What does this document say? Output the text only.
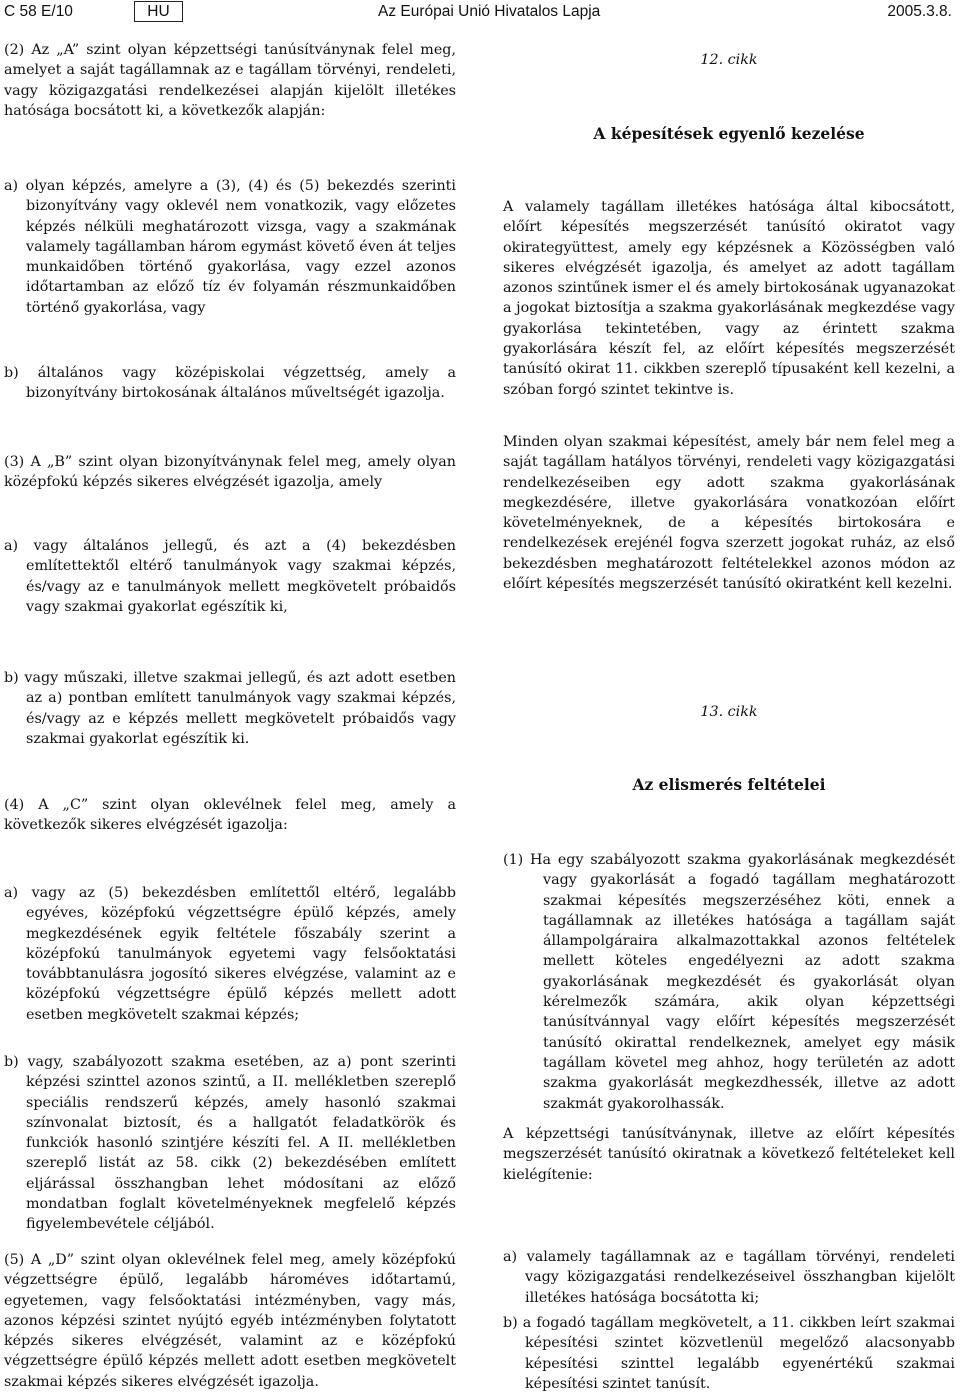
C 58 E/10	HU	Az Európai Unió Hivatalos Lapja	2005.3.8.
(2) Az „A” szint olyan képzettségi tanúsítványnak felel meg, amelyet a saját tagállamnak az e tagállam törvényi, rendeleti, vagy közigazgatási rendelkezései alapján kijelölt illetékes hatósága bocsátott ki, a következők alapján:
a) olyan képzés, amelyre a (3), (4) és (5) bekezdés szerinti bizonyítvány vagy oklevél nem vonatkozik, vagy előzetes képzés nélküli meghatározott vizsga, vagy a szakmának valamely tagállamban három egymást követő éven át teljes munkaidőben történő gyakorlása, vagy ezzel azonos időtartamban az előző tíz év folyamán részmunkaidőben történő gyakorlása, vagy
b) általános vagy középiskolai végzettség, amely a bizonyítvány birtokosának általános műveltségét igazolja.
(3) A „B” szint olyan bizonyítványnak felel meg, amely olyan középfokú képzés sikeres elvégzését igazolja, amely
a) vagy általános jellegű, és azt a (4) bekezdésben említettektől eltérő tanulmányok vagy szakmai képzés, és/vagy az e tanulmányok mellett megkövetelt próbaidős vagy szakmai gyakorlat egészítik ki,
b) vagy műszaki, illetve szakmai jellegű, és azt adott esetben az a) pontban említett tanulmányok vagy szakmai képzés, és/vagy az e képzés mellett megkövetelt próbaidős vagy szakmai gyakorlat egészítik ki.
(4) A „C” szint olyan oklevélnek felel meg, amely a következők sikeres elvégzését igazolja:
a) vagy az (5) bekezdésben említettől eltérő, legalább egyéves, középfokú végzettségre épülő képzés, amely megkezdésének egyik feltétele főszabály szerint a középfokú tanulmányok egyetemi vagy felsőoktatási továbbtanulásra jogosító sikeres elvégzése, valamint az e középfokú végzettségre épülő képzés mellett adott esetben megkövetelt szakmai képzés;
b) vagy, szabályozott szakma esetében, az a) pont szerinti képzési szinttel azonos szintű, a II. mellékletben szereplő speciális rendszerű képzés, amely hasonló szakmai színvonalat biztosít, és a hallgatót feladatkörök és funkciók hasonló szintjére készíti fel. A II. mellékletben szereplő listát az 58. cikk (2) bekezdésében említett eljárással összhangban lehet módosítani az előző mondatban foglalt követelményeknek megfelelő képzés figyelembevétele céljából.
(5) A „D” szint olyan oklevélnek felel meg, amely középfokú végzettségre épülő, legalább hároméves időtartamú, egyetemen, vagy felsőoktatási intézményben, vagy más, azonos képzési szintet nyújtó egyéb intézményben folytatott képzés sikeres elvégzését, valamint az e középfokú végzettségre épülő képzés mellett adott esetben megkövetelt szakmai képzés sikeres elvégzését igazolja.
12. cikk
A képesítések egyenlő kezelése
A valamely tagállam illetékes hatósága által kibocsátott, előírt képesítés megszerzését tanúsító okiratot vagy okirategyüttest, amely egy képzésnek a Közösségben való sikeres elvégzését igazolja, és amelyet az adott tagállam azonos szintűnek ismer el és amely birtokosának ugyanazokat a jogokat biztosítja a szakma gyakorlásának megkezdése vagy gyakorlása tekintetében, vagy az érintett szakma gyakorlására készít fel, az előírt képesítés megszerzését tanúsító okirat 11. cikkben szereplő típusaként kell kezelni, a szóban forgó szintet tekintve is.
Minden olyan szakmai képesítést, amely bár nem felel meg a saját tagállam hatályos törvényi, rendeleti vagy közigazgatási rendelkezéseiben egy adott szakma gyakorlásának megkezdésére, illetve gyakorlására vonatkozóan előírt követelményeknek, de a képesítés birtokosára e rendelkezések erejénél fogva szerzett jogokat ruház, az első bekezdésben meghatározott feltételekkel azonos módon az előírt képesítés megszerzését tanúsító okiratként kell kezelni.
13. cikk
Az elismerés feltételei
(1) Ha egy szabályozott szakma gyakorlásának megkezdését vagy gyakorlását a fogadó tagállam meghatározott szakmai képesítés megszerzéséhez köti, ennek a tagállamnak az illetékes hatósága a tagállam saját állampolgáraira alkalmazottakkal azonos feltételek mellett köteles engedélyezni az adott szakma gyakorlásának megkezdését és gyakorlását olyan kérelmezők számára, akik olyan képzettségi tanúsítvánnyal vagy előírt képesítés megszerzését tanúsító okirattal rendelkeznek, amelyet egy másik tagállam követel meg ahhoz, hogy területén az adott szakma gyakorlását megkezdhessék, illetve az adott szakmát gyakorolhassák.
A képzettségi tanúsítványnak, illetve az előírt képesítés megszerzését tanúsító okiratnak a következő feltételeket kell kielégítenie:
a) valamely tagállamnak az e tagállam törvényi, rendeleti vagy közigazgatási rendelkezéseivel összhangban kijelölt illetékes hatósága bocsátotta ki;
b) a fogadó tagállam megkövetelt, a 11. cikkben leírt szakmai képesítési szintet közvetlenül megelőző alacsonyabb képesítési szinttel legalább egyenértékű szakmai képesítési szintet tanúsít.
